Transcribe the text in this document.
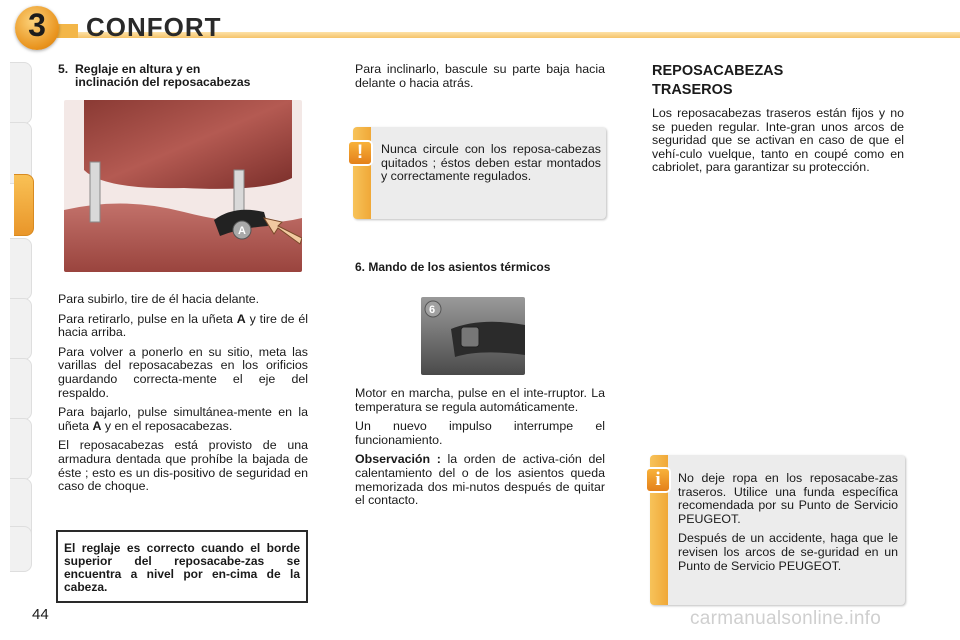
3	CONFORT
5. Reglaje en altura y en
inclinación del reposacabezas
A

Para subirlo, tire de él hacia delante.

Para retirarlo, pulse en la uñeta A y tire de él hacia arriba.

Para volver a ponerlo en su sitio, meta las varillas del reposacabezas en los orificios guardando correcta-mente el eje del respaldo.

Para bajarlo, pulse simultánea-mente en la uñeta A y en el reposacabezas.

El reposacabezas está provisto de una armadura dentada que prohíbe la bajada de éste ; esto es un dis-positivo de seguridad en caso de choque.

El reglaje es correcto cuando el borde superior del reposacabe-zas se encuentra a nivel por en-cima de la cabeza.

Para inclinarlo, bascule su parte baja hacia delante o hacia atrás.

Nunca circule con los reposa-cabezas quitados ; éstos deben estar montados y correctamente regulados.

!
6. Mando de los asientos térmicos
6

Motor en marcha, pulse en el inte-rruptor. La temperatura se regula automáticamente.

Un nuevo impulso interrumpe el funcionamiento.

Observación : la orden de activa-ción del calentamiento del o de los asientos queda memorizada dos mi-nutos después de quitar el contacto.

REPOSACABEZAS
TRASEROS

Los reposacabezas traseros están fijos y no se pueden regular. Inte-gran unos arcos de seguridad que se activan en caso de que el vehí-culo vuelque, tanto en coupé como en cabriolet, para garantizar su protección.

No deje ropa en los reposacabe-zas traseros. Utilice una funda específica recomendada por su Punto de Servicio PEUGEOT.

Después de un accidente, haga que le revisen los arcos de se-guridad en un Punto de Servicio PEUGEOT.

i
44	carmanualsonline.info
